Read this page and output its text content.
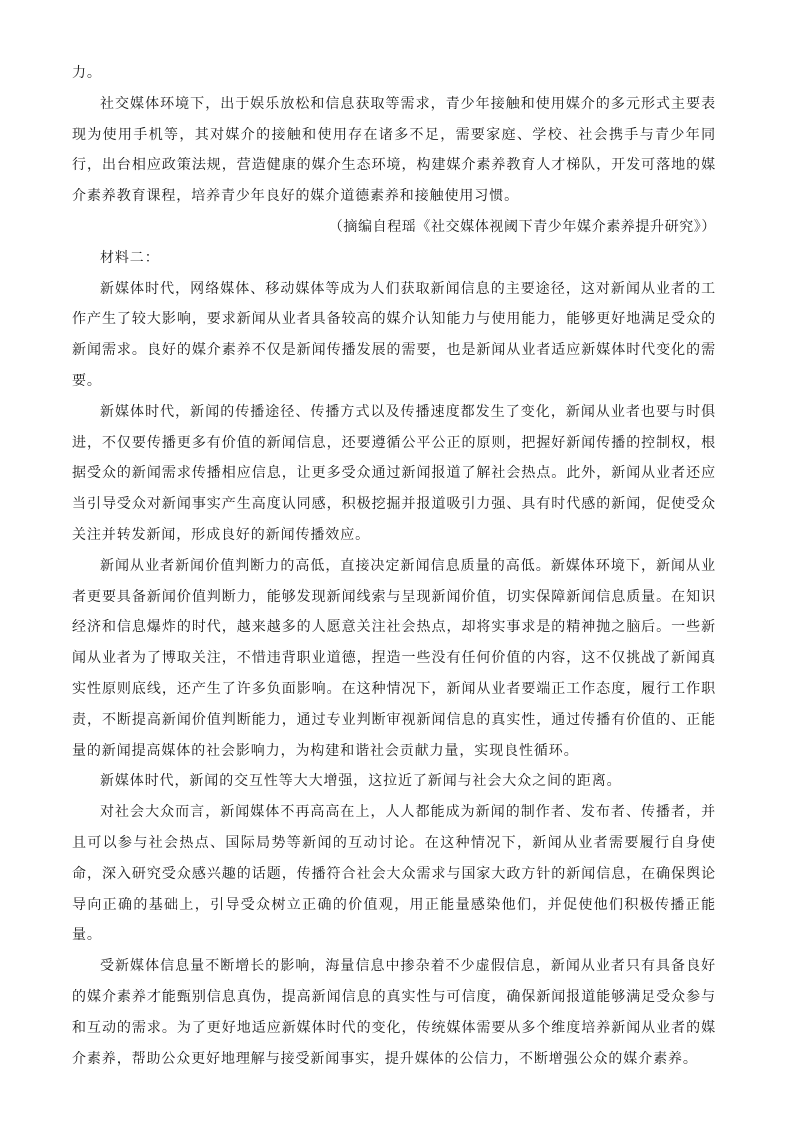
力。

社交媒体环境下，出于娱乐放松和信息获取等需求，青少年接触和使用媒介的多元形式主要表现为使用手机等，其对媒介的接触和使用存在诸多不足，需要家庭、学校、社会携手与青少年同行，出台相应政策法规，营造健康的媒介生态环境，构建媒介素养教育人才梯队，开发可落地的媒介素养教育课程，培养青少年良好的媒介道德素养和接触使用习惯。

（摘编自程瑶《社交媒体视阈下青少年媒介素养提升研究》）

材料二：

新媒体时代，网络媒体、移动媒体等成为人们获取新闻信息的主要途径，这对新闻从业者的工作产生了较大影响，要求新闻从业者具备较高的媒介认知能力与使用能力，能够更好地满足受众的新闻需求。良好的媒介素养不仅是新闻传播发展的需要，也是新闻从业者适应新媒体时代变化的需要。

新媒体时代，新闻的传播途径、传播方式以及传播速度都发生了变化，新闻从业者也要与时俱进，不仅要传播更多有价值的新闻信息，还要遵循公平公正的原则，把握好新闻传播的控制权，根据受众的新闻需求传播相应信息，让更多受众通过新闻报道了解社会热点。此外，新闻从业者还应当引导受众对新闻事实产生高度认同感，积极挖掘并报道吸引力强、具有时代感的新闻，促使受众关注并转发新闻，形成良好的新闻传播效应。

新闻从业者新闻价值判断力的高低，直接决定新闻信息质量的高低。新媒体环境下，新闻从业者更要具备新闻价值判断力，能够发现新闻线索与呈现新闻价值，切实保障新闻信息质量。在知识经济和信息爆炸的时代，越来越多的人愿意关注社会热点，却将实事求是的精神抛之脑后。一些新闻从业者为了博取关注，不惜违背职业道德，捏造一些没有任何价值的内容，这不仅挑战了新闻真实性原则底线，还产生了许多负面影响。在这种情况下，新闻从业者要端正工作态度，履行工作职责，不断提高新闻价值判断能力，通过专业判断审视新闻信息的真实性，通过传播有价值的、正能量的新闻提高媒体的社会影响力，为构建和谐社会贡献力量，实现良性循环。

新媒体时代，新闻的交互性等大大增强，这拉近了新闻与社会大众之间的距离。

对社会大众而言，新闻媒体不再高高在上，人人都能成为新闻的制作者、发布者、传播者，并且可以参与社会热点、国际局势等新闻的互动讨论。在这种情况下，新闻从业者需要履行自身使命，深入研究受众感兴趣的话题，传播符合社会大众需求与国家大政方针的新闻信息，在确保舆论导向正确的基础上，引导受众树立正确的价值观，用正能量感染他们，并促使他们积极传播正能量。

受新媒体信息量不断增长的影响，海量信息中掺杂着不少虚假信息，新闻从业者只有具备良好的媒介素养才能甄别信息真伪，提高新闻信息的真实性与可信度，确保新闻报道能够满足受众参与和互动的需求。为了更好地适应新媒体时代的变化，传统媒体需要从多个维度培养新闻从业者的媒介素养，帮助公众更好地理解与接受新闻事实，提升媒体的公信力，不断增强公众的媒介素养。
